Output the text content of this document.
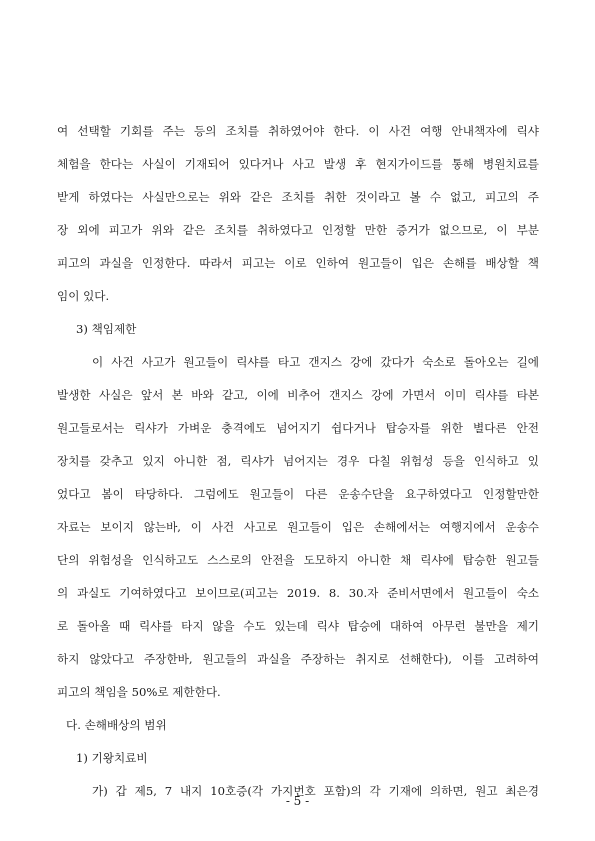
여 선택할 기회를 주는 등의 조치를 취하였어야 한다. 이 사건 여행 안내책자에 릭샤
체험을 한다는 사실이 기재되어 있다거나 사고 발생 후 현지가이드를 통해 병원치료를
받게 하였다는 사실만으로는 위와 같은 조치를 취한 것이라고 볼 수 없고, 피고의 주
장 외에 피고가 위와 같은 조치를 취하였다고 인정할 만한 증거가 없으므로, 이 부분
피고의 과실을 인정한다. 따라서 피고는 이로 인하여 원고들이 입은 손해를 배상할 책
임이 있다.
3) 책임제한
이 사건 사고가 원고들이 릭샤를 타고 갠지스 강에 갔다가 숙소로 돌아오는 길에
발생한 사실은 앞서 본 바와 같고, 이에 비추어 갠지스 강에 가면서 이미 릭샤를 타본
원고들로서는 릭샤가 가벼운 충격에도 넘어지기 쉽다거나 탑승자를 위한 별다른 안전
장치를 갖추고 있지 아니한 점, 릭샤가 넘어지는 경우 다칠 위험성 등을 인식하고 있
었다고 봄이 타당하다. 그럼에도 원고들이 다른 운송수단을 요구하였다고 인정할만한
자료는 보이지 않는바, 이 사건 사고로 원고들이 입은 손해에서는 여행지에서 운송수
단의 위험성을 인식하고도 스스로의 안전을 도모하지 아니한 채 릭샤에 탑승한 원고들
의 과실도 기여하였다고 보이므로(피고는 2019. 8. 30.자 준비서면에서 원고들이 숙소
로 돌아올 때 릭샤를 타지 않을 수도 있는데 릭샤 탑승에 대하여 아무런 불만을 제기
하지 않았다고 주장한바, 원고들의 과실을 주장하는 취지로 선해한다), 이를 고려하여
피고의 책임을 50%로 제한한다.
다. 손해배상의 범위
1) 기왕치료비
가) 갑 제5, 7 내지 10호증(각 가지번호 포함)의 각 기재에 의하면, 원고 최은경
- 5 -
